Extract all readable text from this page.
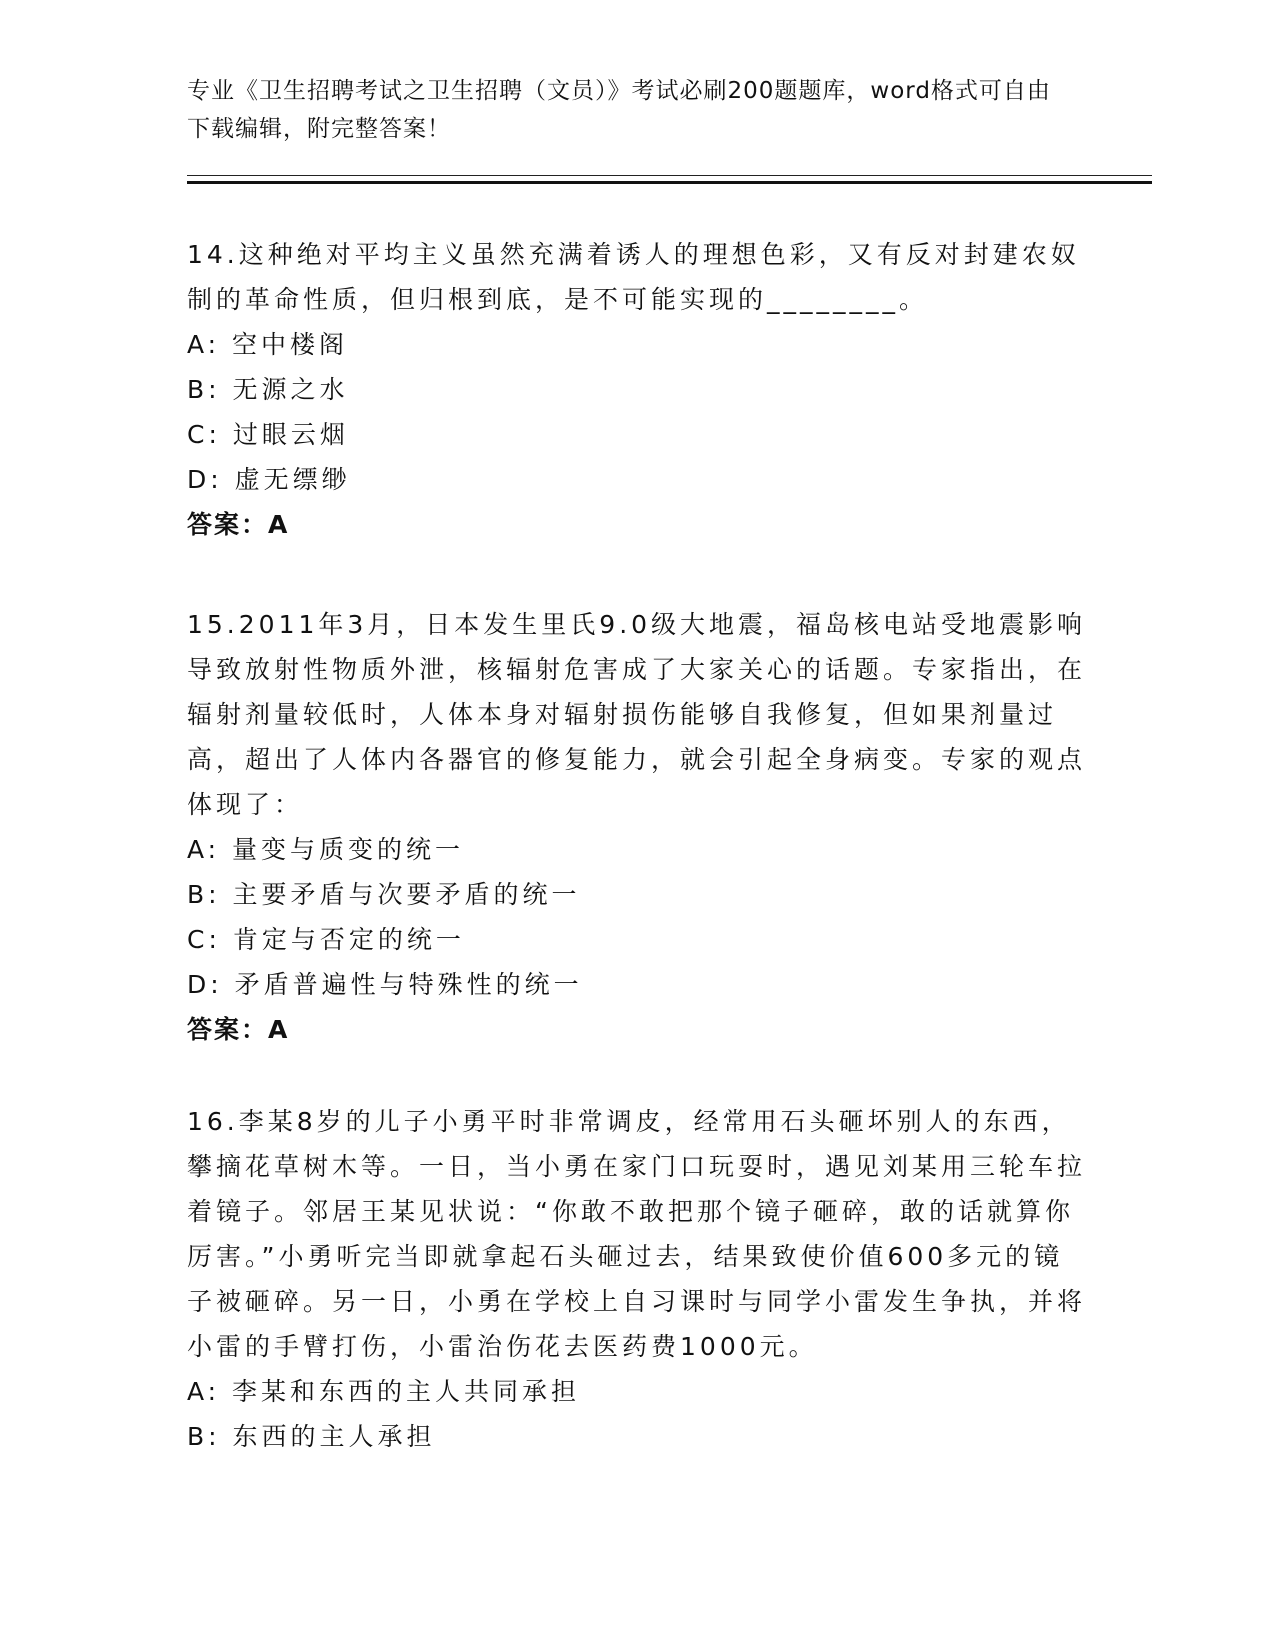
专业《卫生招聘考试之卫生招聘（文员）》考试必刷200题题库，word格式可自由下载编辑，附完整答案！
14.这种绝对平均主义虽然充满着诱人的理想色彩，又有反对封建农奴制的革命性质，但归根到底，是不可能实现的________。
A: 空中楼阁
B: 无源之水
C: 过眼云烟
D: 虚无缥缈
答案：A
15.2011年3月，日本发生里氏9.0级大地震，福岛核电站受地震影响导致放射性物质外泄，核辐射危害成了大家关心的话题。专家指出，在辐射剂量较低时，人体本身对辐射损伤能够自我修复，但如果剂量过高，超出了人体内各器官的修复能力，就会引起全身病变。专家的观点体现了：
A: 量变与质变的统一
B: 主要矛盾与次要矛盾的统一
C: 肯定与否定的统一
D: 矛盾普遍性与特殊性的统一
答案：A
16.李某8岁的儿子小勇平时非常调皮，经常用石头砸坏别人的东西，攀摘花草树木等。一日，当小勇在家门口玩耍时，遇见刘某用三轮车拉着镜子。邻居王某见状说：“你敢不敢把那个镜子砸碎，敢的话就算你厉害。”小勇听完当即就拿起石头砸过去，结果致使价值600多元的镜子被砸碎。另一日，小勇在学校上自习课时与同学小雷发生争执，并将小雷的手臂打伤，小雷治伤花去医药费1000元。
A: 李某和东西的主人共同承担
B: 东西的主人承担
